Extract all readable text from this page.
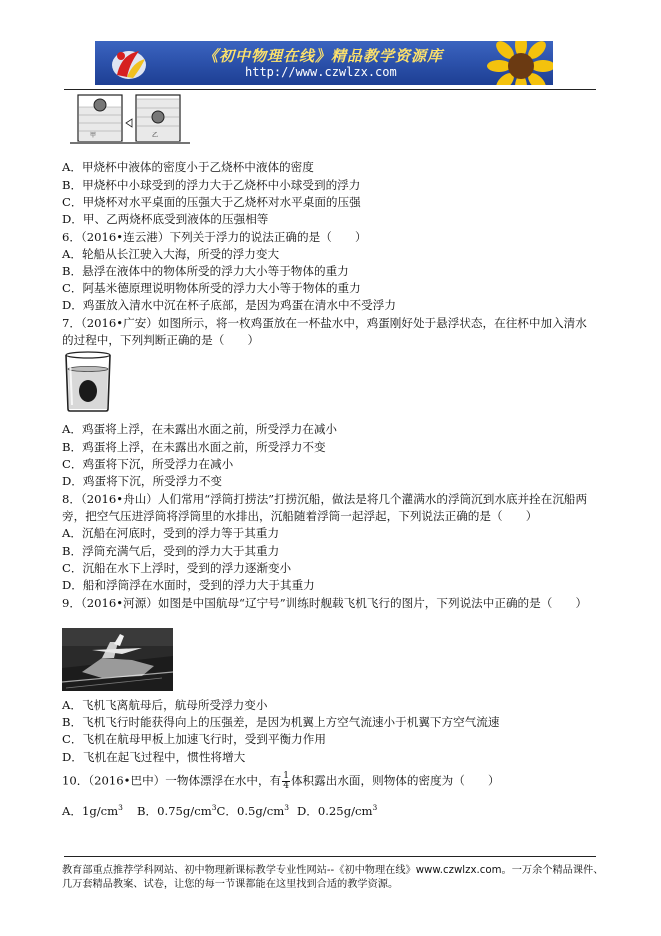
《初中物理在线》精品教学资源库
http://www.czwlzx.com
甲	乙
A．甲烧杯中液体的密度小于乙烧杯中液体的密度
B．甲烧杯中小球受到的浮力大于乙烧杯中小球受到的浮力
C．甲烧杯对水平桌面的压强大于乙烧杯对水平桌面的压强
D．甲、乙两烧杯底受到液体的压强相等
6．（2016•连云港）下列关于浮力的说法正确的是（　　）
A．轮船从长江驶入大海，所受的浮力变大
B．悬浮在液体中的物体所受的浮力大小等于物体的重力
C．阿基米德原理说明物体所受的浮力大小等于物体的重力
D．鸡蛋放入清水中沉在杯子底部，是因为鸡蛋在清水中不受浮力
7．（2016•广安）如图所示，将一枚鸡蛋放在一杯盐水中，鸡蛋刚好处于悬浮状态，在往杯中加入清水
的过程中，下列判断正确的是（　　）
A．鸡蛋将上浮，在未露出水面之前，所受浮力在减小
B．鸡蛋将上浮，在未露出水面之前，所受浮力不变
C．鸡蛋将下沉，所受浮力在减小
D．鸡蛋将下沉，所受浮力不变
8．（2016•舟山）人们常用“浮筒打捞法”打捞沉船，做法是将几个灌满水的浮筒沉到水底并拴在沉船两
旁，把空气压进浮筒将浮筒里的水排出，沉船随着浮筒一起浮起，下列说法正确的是（　　）
A．沉船在河底时，受到的浮力等于其重力
B．浮筒充满气后，受到的浮力大于其重力
C．沉船在水下上浮时，受到的浮力逐渐变小
D．船和浮筒浮在水面时，受到的浮力大于其重力
9．（2016•河源）如图是中国航母“辽宁号”训练时舰载飞机飞行的图片，下列说法中正确的是（　　）
A．飞机飞离航母后，航母所受浮力变小
B．飞机飞行时能获得向上的压强差，是因为机翼上方空气流速小于机翼下方空气流速
C．飞机在航母甲板上加速飞行时，受到平衡力作用
D．飞机在起飞过程中，惯性将增大
10．（2016•巴中）一物体漂浮在水中，有 $\frac{1}{4}$ 体积露出水面，则物体的密度为（　　）
A．$1g/cm^3$ B．$0.75g/cm^3C$．$0.5g/cm^3$ D．$0.25g/cm^3$
教育部重点推荐学科网站、初中物理新课标教学专业性网站--《初中物理在线》www.czwlzx.com。一万余个精品课件、
几万套精品教案、试卷，让您的每一节课都能在这里找到合适的教学资源。
